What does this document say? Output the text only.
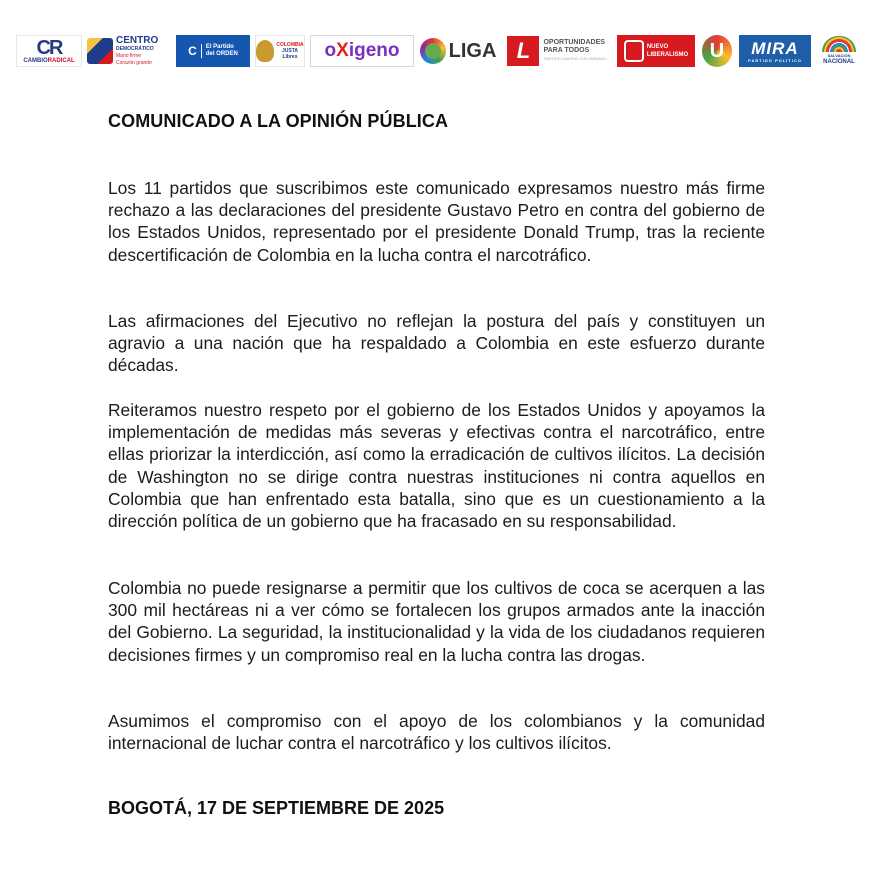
CR
CAMBIORADICAL
CENTRO
DEMOCRÁTICO
Mano firme
Corazón grande
C	El Partido
del ORDEN
COLOMBIA
JUSTA
Libres	o X igeno LIGA L	OPORTUNIDADES
PARA TODOS
PARTIDO LIBERAL COLOMBIANO
NUEVO
LIBERALISMO	U	MIRA
PARTIDO POLÍTICO
SALVACIÓN
NACIONAL
COMUNICADO A LA OPINIÓN PÚBLICA

Los 11 partidos que suscribimos este comunicado expresamos nuestro más firme rechazo a las declaraciones del presidente Gustavo Petro en contra del gobierno de los Estados Unidos, representado por el presidente Donald Trump, tras la reciente descertificación de Colombia en la lucha contra el narcotráfico.

Las afirmaciones del Ejecutivo no reflejan la postura del país y constituyen un agravio a una nación que ha respaldado a Colombia en este esfuerzo durante décadas.

Reiteramos nuestro respeto por el gobierno de los Estados Unidos y apoyamos la implementación de medidas más severas y efectivas contra el narcotráfico, entre ellas priorizar la interdicción, así como la erradicación de cultivos ilícitos. La decisión de Washington no se dirige contra nuestras instituciones ni contra aquellos en Colombia que han enfrentado esta batalla, sino que es un cuestionamiento a la dirección política de un gobierno que ha fracasado en su responsabilidad.

Colombia no puede resignarse a permitir que los cultivos de coca se acerquen a las 300 mil hectáreas ni a ver cómo se fortalecen los grupos armados ante la inacción del Gobierno. La seguridad, la institucionalidad y la vida de los ciudadanos requieren decisiones firmes y un compromiso real en la lucha contra las drogas.

Asumimos el compromiso con el apoyo de los colombianos y la comunidad internacional de luchar contra el narcotráfico y los cultivos ilícitos.

BOGOTÁ, 17 DE SEPTIEMBRE DE 2025
